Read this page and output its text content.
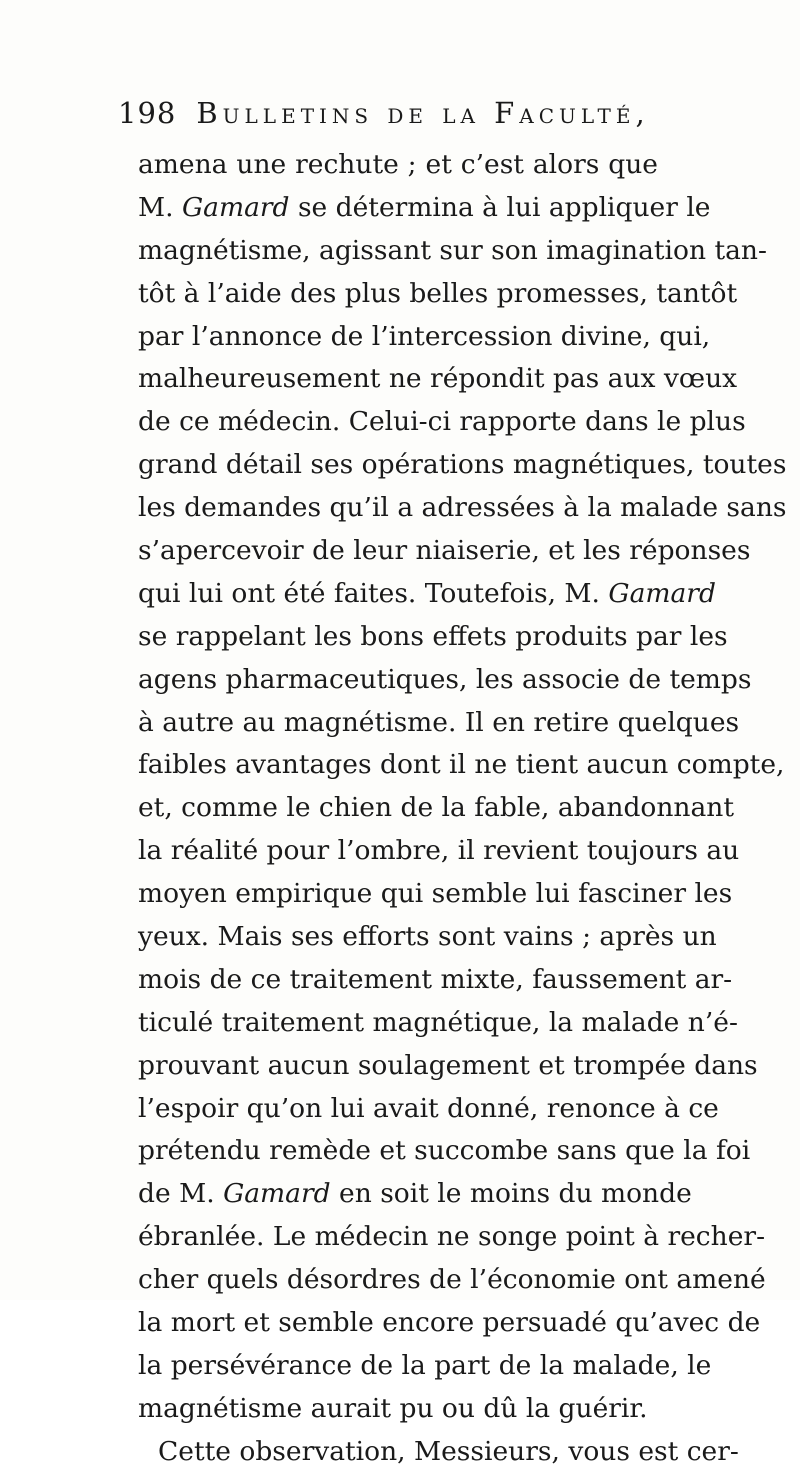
198 Bulletins de la Faculté,
amena une rechute ; et c’est alors que
M. Gamard se détermina à lui appliquer le
magnétisme, agissant sur son imagination tan-
tôt à l’aide des plus belles promesses, tantôt
par l’annonce de l’intercession divine, qui,
malheureusement ne répondit pas aux vœux
de ce médecin. Celui-ci rapporte dans le plus
grand détail ses opérations magnétiques, toutes
les demandes qu’il a adressées à la malade sans
s’apercevoir de leur niaiserie, et les réponses
qui lui ont été faites. Toutefois, M. Gamard
se rappelant les bons effets produits par les
agens pharmaceutiques, les associe de temps
à autre au magnétisme. Il en retire quelques
faibles avantages dont il ne tient aucun compte,
et, comme le chien de la fable, abandonnant
la réalité pour l’ombre, il revient toujours au
moyen empirique qui semble lui fasciner les
yeux. Mais ses efforts sont vains ; après un
mois de ce traitement mixte, faussement ar-
ticulé traitement magnétique, la malade n’é-
prouvant aucun soulagement et trompée dans
l’espoir qu’on lui avait donné, renonce à ce
prétendu remède et succombe sans que la foi
de M. Gamard en soit le moins du monde
ébranlée. Le médecin ne songe point à recher-
cher quels désordres de l’économie ont amené
la mort et semble encore persuadé qu’avec de
la persévérance de la part de la malade, le
magnétisme aurait pu ou dû la guérir.
Cette observation, Messieurs, vous est cer-
